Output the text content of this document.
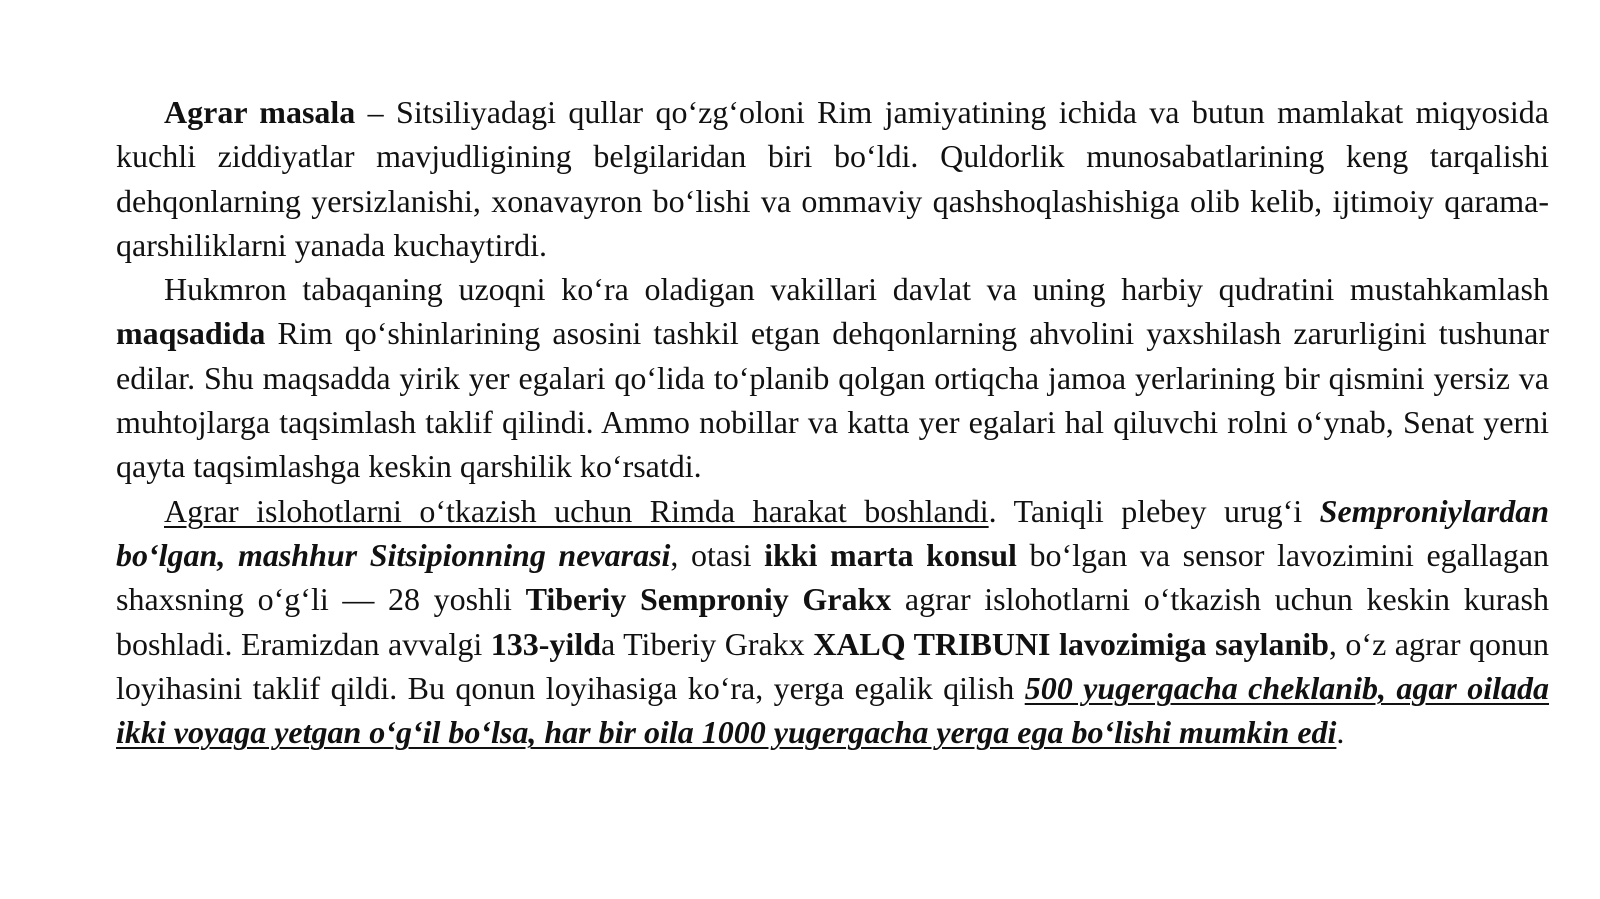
Agrar masala – Sitsiliyadagi qullar qo‘zg‘oloni Rim jamiyatining ichida va butun mamlakat miqyosida kuchli ziddiyatlar mavjudligining belgilaridan biri bo‘ldi. Quldorlik munosabatlarining keng tarqalishi dehqonlarning yersizlanishi, xonavayron bo‘lishi va ommaviy qashshoqlashishiga olib kelib, ijtimoiy qarama-qarshiliklarni yanada kuchaytirdi.

Hukmron tabaqaning uzoqni ko‘ra oladigan vakillari davlat va uning harbiy qudratini mustahkamlash maqsadida Rim qo‘shinlarining asosini tashkil etgan dehqonlarning ahvolini yaxshilash zarurligini tushunar edilar. Shu maqsadda yirik yer egalari qo‘lida to‘planib qolgan ortiqcha jamoa yerlarining bir qismini yersiz va muhtojlarga taqsimlash taklif qilindi. Ammo nobillar va katta yer egalari hal qiluvchi rolni o‘ynab, Senat yerni qayta taqsimlashga keskin qarshilik ko‘rsatdi.

Agrar islohotlarni o‘tkazish uchun Rimda harakat boshlandi. Taniqli plebey urug‘i Semproniylardan bo‘lgan, mashhur Sitsipionning nevarasi, otasi ikki marta konsul bo‘lgan va sensor lavozimini egallagan shaxsning o‘g‘li — 28 yoshli Tiberiy Semproniy Grakx agrar islohotlarni o‘tkazish uchun keskin kurash boshladi. Eramizdan avvalgi 133-yilda Tiberiy Grakx XALQ TRIBUNI lavozimiga saylanib, o‘z agrar qonun loyihasini taklif qildi. Bu qonun loyihasiga ko‘ra, yerga egalik qilish 500 yugergacha cheklanib, agar oilada ikki voyaga yetgan o‘g‘il bo‘lsa, har bir oila 1000 yugergacha yerga ega bo‘lishi mumkin edi.
